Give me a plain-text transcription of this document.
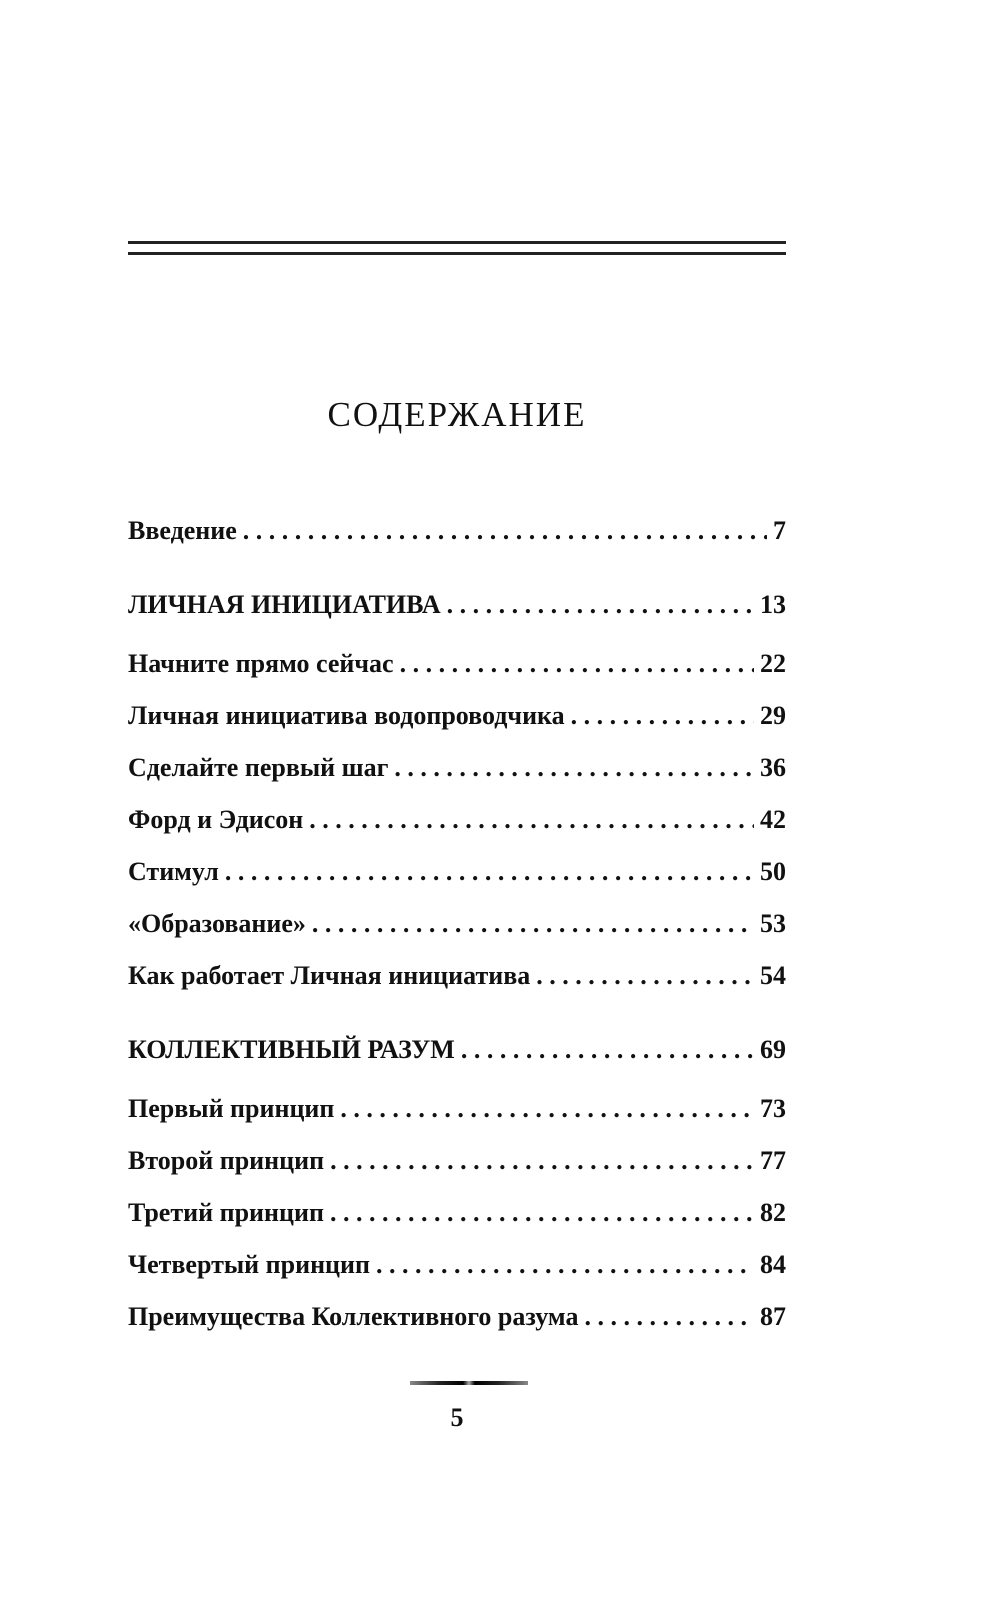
СОДЕРЖАНИЕ
Введение . . .	7
ЛИЧНАЯ ИНИЦИАТИВА . . .	13
Начните прямо сейчас . . .	22
Личная инициатива водопроводчика . . .	29
Сделайте первый шаг . . .	36
Форд и Эдисон . . .	42
Стимул . . .	50
«Образование» . . .	53
Как работает Личная инициатива . . .	54
КОЛЛЕКТИВНЫЙ РАЗУМ . . .	69
Первый принцип . . .	73
Второй принцип . . .	77
Третий принцип . . .	82
Четвертый принцип . . .	84
Преимущества Коллективного разума . . .	87
5
